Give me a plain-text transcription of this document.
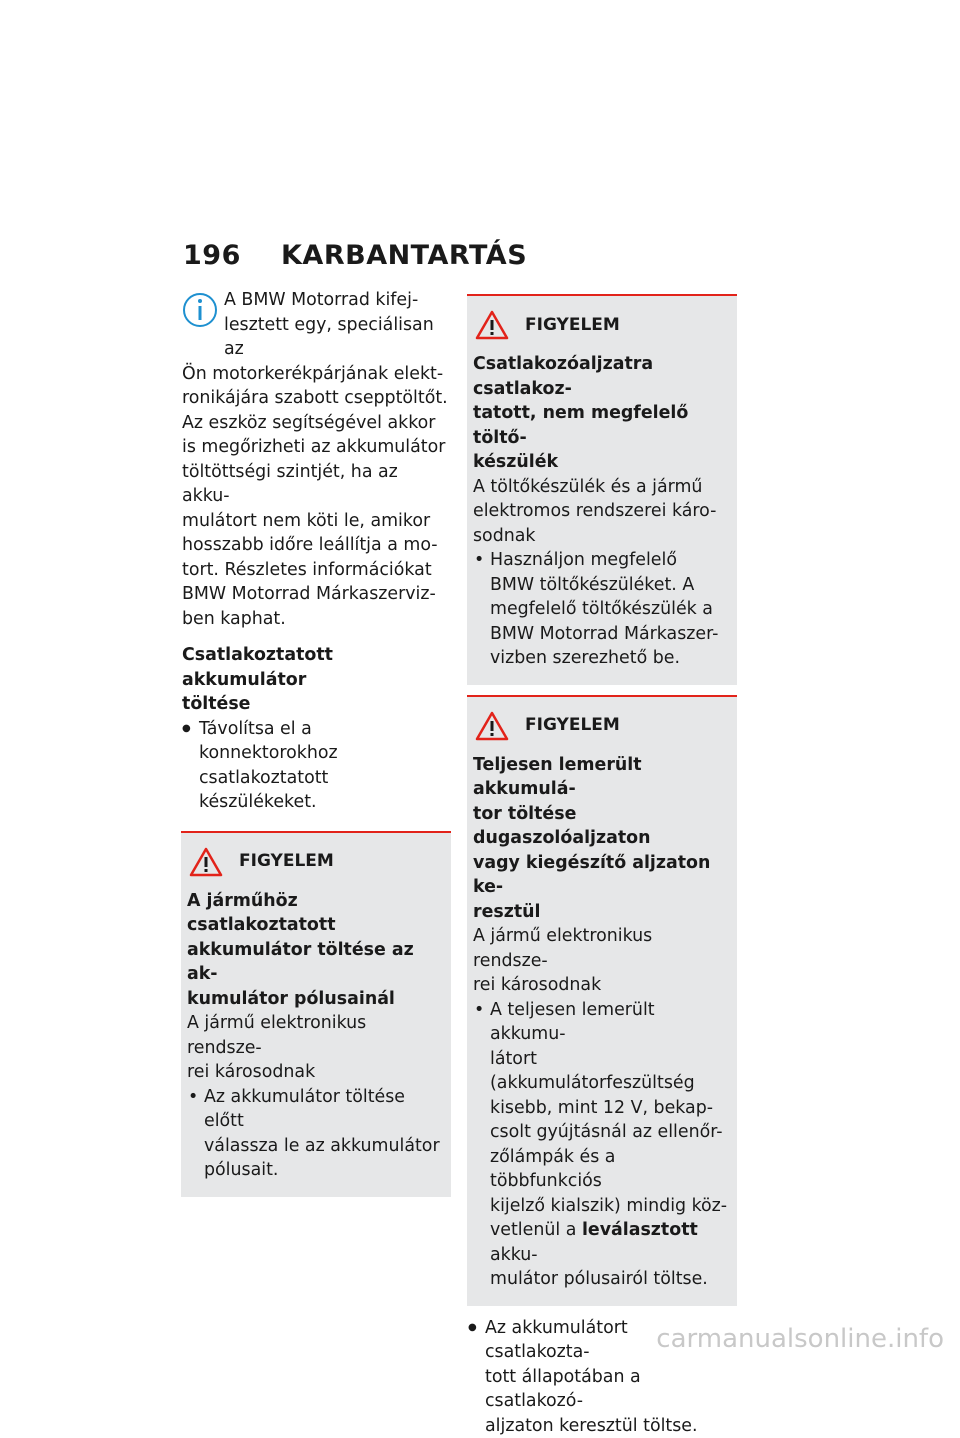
196 KARBANTARTÁS

A BMW Motorrad kifej-

lesztett egy, speciálisan az

Ön motorkerékpárjának elekt-

ronikájára szabott csepptöltőt.

Az eszköz segítségével akkor

is megőrizheti az akkumulátor

töltöttségi szintjét, ha az akku-

mulátort nem köti le, amikor

hosszabb időre leállítja a mo-

tort. Részletes információkat

BMW Motorrad Márkaszerviz-

ben kaphat.

Csatlakoztatott akkumulátor

töltése

● Távolítsa el a konnektorokhoz

csatlakoztatott készülékeket.

FIGYELEM

A járműhöz csatlakoztatott

akkumulátor töltése az ak-

kumulátor pólusainál

A jármű elektronikus rendsze-

rei károsodnak

• Az akkumulátor töltése előtt

válassza le az akkumulátor

pólusait.

FIGYELEM

Csatlakozóaljzatra csatlakoz-

tatott, nem megfelelő töltő-

készülék

A töltőkészülék és a jármű

elektromos rendszerei káro-

sodnak

• Használjon megfelelő

BMW töltőkészüléket. A

megfelelő töltőkészülék a

BMW Motorrad Márkaszer-

vizben szerezhető be.

FIGYELEM

Teljesen lemerült akkumulá-

tor töltése dugaszolóaljzaton

vagy kiegészítő aljzaton ke-

resztül

A jármű elektronikus rendsze-

rei károsodnak

• A teljesen lemerült akkumu-

látort (akkumulátorfeszültség

kisebb, mint 12 V, bekap-

csolt gyújtásnál az ellenőr-

zőlámpák és a többfunkciós

kijelző kialszik) mindig köz-

vetlenül a leválasztott akku-

mulátor pólusairól töltse.

● Az akkumulátort csatlakozta-

tott állapotában a csatlakozó-

aljzaton keresztül töltse.

carmanualsonline.info
